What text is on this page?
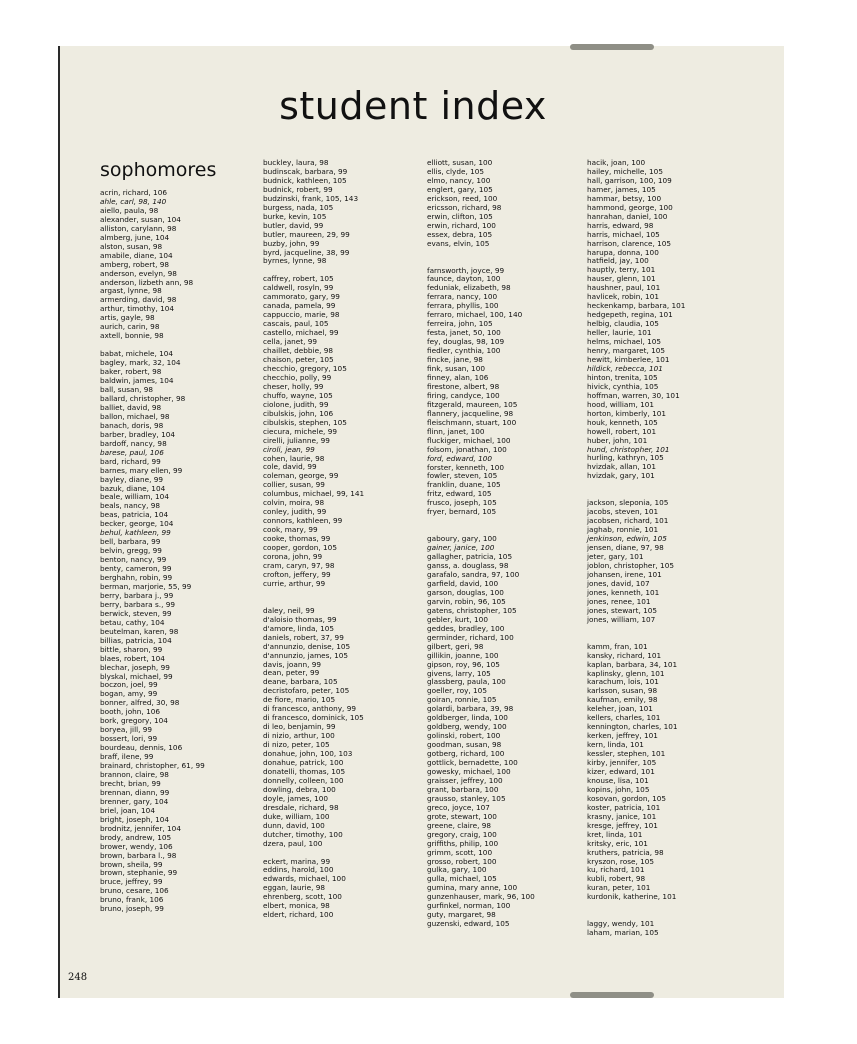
student index
sophomores
acrin, richard, 106
ahle, carl, 98, 140
aiello, paula, 98
alexander, susan, 104
alliston, carylann, 98
almberg, june, 104
alston, susan, 98
amabile, diane, 104
amberg, robert, 98
anderson, evelyn, 98
anderson, lizbeth ann, 98
argast, lynne, 98
armerding, david, 98
arthur, timothy, 104
artis, gayle, 98
aurich, carin, 98
axtell, bonnie, 98
babat, michele, 104
bagley, mark, 32, 104
baker, robert, 98
baldwin, james, 104
ball, susan, 98
ballard, christopher, 98
balliet, david, 98
ballon, michael, 98
banach, doris, 98
barber, bradley, 104
bardoff, nancy, 98
barese, paul, 106
bard, richard, 99
barnes, mary ellen, 99
bayley, diane, 99
bazuk, diane, 104
beale, william, 104
beals, nancy, 98
beas, patricia, 104
becker, george, 104
behul, kathleen, 99
bell, barbara, 99
belvin, gregg, 99
benton, nancy, 99
benty, cameron, 99
berghahn, robin, 99
berman, marjorie, 55, 99
berry, barbara j., 99
berry, barbara s., 99
berwick, steven, 99
betau, cathy, 104
beutelman, karen, 98
billias, patricia, 104
bittle, sharon, 99
blaes, robert, 104
blechar, joseph, 99
blyskal, michael, 99
boczon, joel, 99
bogan, amy, 99
bonner, alfred, 30, 98
booth, john, 106
bork, gregory, 104
boryea, jill, 99
bossert, lori, 99
bourdeau, dennis, 106
braff, ilene, 99
brainard, christopher, 61, 99
brannon, claire, 98
brecht, brian, 99
brennan, diann, 99
brenner, gary, 104
briel, joan, 104
bright, joseph, 104
brodnitz, jennifer, 104
brody, andrew, 105
brower, wendy, 106
brown, barbara l., 98
brown, sheila, 99
brown, stephanie, 99
bruce, jeffrey, 99
bruno, cesare, 106
bruno, frank, 106
bruno, joseph, 99
buckley, laura, 98
budinscak, barbara, 99
budnick, kathleen, 105
budnick, robert, 99
budzinski, frank, 105, 143
burgess, nada, 105
burke, kevin, 105
butler, david, 99
butler, maureen, 29, 99
buzby, john, 99
byrd, jacqueline, 38, 99
byrnes, lynne, 98
caffrey, robert, 105
caldwell, rosyln, 99
cammorato, gary, 99
canada, pamela, 99
cappuccio, marie, 98
cascais, paul, 105
castello, michael, 99
cella, janet, 99
chaillet, debbie, 98
chaison, peter, 105
checchio, gregory, 105
checchio, polly, 99
cheser, holly, 99
chuffo, wayne, 105
ciolone, judith, 99
cibulskis, john, 106
cibulskis, stephen, 105
ciecura, michele, 99
cirelli, julianne, 99
ciroli, jean, 99
cohen, laurie, 98
cole, david, 99
coleman, george, 99
collier, susan, 99
columbus, michael, 99, 141
colvin, moira, 98
conley, judith, 99
connors, kathleen, 99
cook, mary, 99
cooke, thomas, 99
cooper, gordon, 105
corona, john, 99
cram, caryn, 97, 98
crofton, jeffery, 99
currie, arthur, 99
daley, neil, 99
d'aloisio thomas, 99
d'amore, linda, 105
daniels, robert, 37, 99
d'annunzio, denise, 105
d'annunzio, james, 105
davis, joann, 99
dean, peter, 99
deane, barbara, 105
decristofaro, peter, 105
de fiore, mario, 105
di francesco, anthony, 99
di francesco, dominick, 105
di leo, benjamin, 99
di nizio, arthur, 100
di nizo, peter, 105
donahue, john, 100, 103
donahue, patrick, 100
donatelli, thomas, 105
donnelly, colleen, 100
dowling, debra, 100
doyle, james, 100
dresdale, richard, 98
duke, william, 100
dunn, david, 100
dutcher, timothy, 100
dzera, paul, 100
eckert, marina, 99
eddins, harold, 100
edwards, michael, 100
eggan, laurie, 98
ehrenberg, scott, 100
elbert, monica, 98
eldert, richard, 100
elliott, susan, 100
ellis, clyde, 105
elmo, nancy, 100
englert, gary, 105
erickson, reed, 100
ericsson, richard, 98
erwin, clifton, 105
erwin, richard, 100
essex, debra, 105
evans, elvin, 105
farnsworth, joyce, 99
faunce, dayton, 100
feduniak, elizabeth, 98
ferrara, nancy, 100
ferrara, phyllis, 100
ferraro, michael, 100, 140
ferreira, john, 105
festa, janet, 50, 100
fey, douglas, 98, 109
fiedler, cynthia, 100
fincke, jane, 98
fink, susan, 100
finney, alan, 106
firestone, albert, 98
firing, candyce, 100
fitzgerald, maureen, 105
flannery, jacqueline, 98
fleischmann, stuart, 100
flinn, janet, 100
fluckiger, michael, 100
folsom, jonathan, 100
ford, edward, 100
forster, kenneth, 100
fowler, steven, 105
franklin, duane, 105
fritz, edward, 105
frusco, joseph, 105
fryer, bernard, 105
gaboury, gary, 100
gainer, janice, 100
gallagher, patricia, 105
ganss, a. douglass, 98
garafalo, sandra, 97, 100
garfield, david, 100
garson, douglas, 100
garvin, robin, 96, 105
gatens, christopher, 105
gebler, kurt, 100
geddes, bradley, 100
germinder, richard, 100
gilbert, geri, 98
gillikin, joanne, 100
gipson, roy, 96, 105
givens, larry, 105
glassberg, paula, 100
goeller, roy, 105
goiran, ronnie, 105
golardi, barbara, 39, 98
goldberger, linda, 100
goldberg, wendy, 100
golinski, robert, 100
goodman, susan, 98
gotberg, richard, 100
gottlick, bernadette, 100
gowesky, michael, 100
graisser, jeffrey, 100
grant, barbara, 100
grausso, stanley, 105
greco, joyce, 107
grote, stewart, 100
greene, claire, 98
gregory, craig, 100
griffiths, philip, 100
grimm, scott, 100
grosso, robert, 100
gulka, gary, 100
gulla, michael, 105
gumina, mary anne, 100
gunzenhauser, mark, 96, 100
gurfinkel, norman, 100
guty, margaret, 98
guzenski, edward, 105
hacik, joan, 100
hailey, michelle, 105
hall, garrison, 100, 109
hamer, james, 105
hammar, betsy, 100
hammond, george, 100
hanrahan, daniel, 100
harris, edward, 98
harris, michael, 105
harrison, clarence, 105
harupa, donna, 100
hatfield, jay, 100
hauptly, terry, 101
hauser, glenn, 101
haushner, paul, 101
havlicek, robin, 101
heckenkamp, barbara, 101
hedgepeth, regina, 101
helbig, claudia, 105
heller, laurie, 101
helms, michael, 105
henry, margaret, 105
hewitt, kimberlee, 101
hildick, rebecca, 101
hinton, trenita, 105
hivick, cynthia, 105
hoffman, warren, 30, 101
hood, william, 101
horton, kimberly, 101
houk, kenneth, 105
howell, robert, 101
huber, john, 101
hund, christopher, 101
hurling, kathryn, 105
hvizdak, allan, 101
hvizdak, gary, 101
jackson, sleponia, 105
jacobs, steven, 101
jacobsen, richard, 101
jaghab, ronnie, 101
jenkinson, edwin, 105
jensen, diane, 97, 98
jeter, gary, 101
joblon, christopher, 105
johansen, irene, 101
jones, david, 107
jones, kenneth, 101
jones, renee, 101
jones, stewart, 105
jones, william, 107
kamm, fran, 101
kansky, richard, 101
kaplan, barbara, 34, 101
kaplinsky, glenn, 101
karachum, lois, 101
karlsson, susan, 98
kaufman, emily, 98
keleher, joan, 101
kellers, charles, 101
kennington, charles, 101
kerken, jeffrey, 101
kern, linda, 101
kessler, stephen, 101
kirby, jennifer, 105
kizer, edward, 101
knouse, lisa, 101
kopins, john, 105
kosovan, gordon, 105
koster, patricia, 101
krasny, janice, 101
kresge, jeffrey, 101
kret, linda, 101
kritsky, eric, 101
kruthers, patricia, 98
kryszon, rose, 105
ku, richard, 101
kubli, robert, 98
kuran, peter, 101
kurdonik, katherine, 101
laggy, wendy, 101
laham, marian, 105
248
